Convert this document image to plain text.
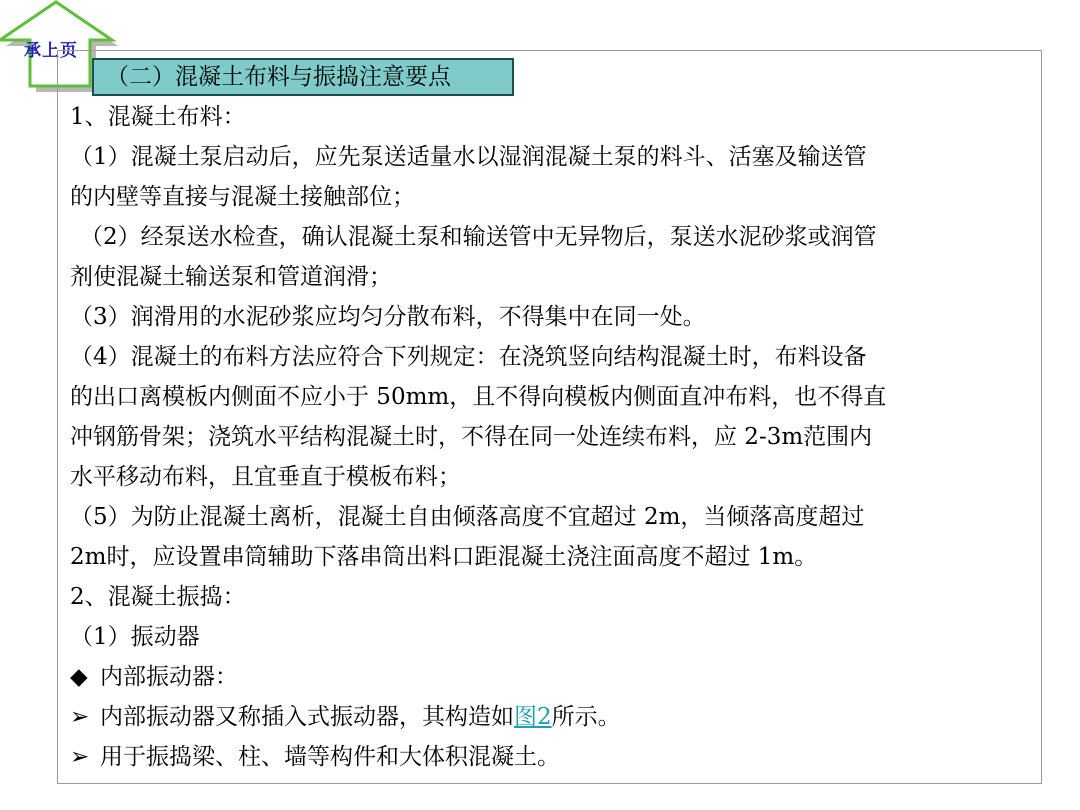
承上页
（二）混凝土布料与振捣注意要点
1、混凝土布料：
（1）混凝土泵启动后，应先泵送适量水以湿润混凝土泵的料斗、活塞及输送管
的内壁等直接与混凝土接触部位；
（2）经泵送水检查，确认混凝土泵和输送管中无异物后，泵送水泥砂浆或润管
剂使混凝土输送泵和管道润滑；
（3）润滑用的水泥砂浆应均匀分散布料，不得集中在同一处。
（4）混凝土的布料方法应符合下列规定：在浇筑竖向结构混凝土时，布料设备
的出口离模板内侧面不应小于 50mm，且不得向模板内侧面直冲布料，也不得直
冲钢筋骨架；浇筑水平结构混凝土时，不得在同一处连续布料，应 2-3m范围内
水平移动布料，且宜垂直于模板布料；
（5）为防止混凝土离析，混凝土自由倾落高度不宜超过 2m，当倾落高度超过
2m时，应设置串筒辅助下落串筒出料口距混凝土浇注面高度不超过 1m。
2、混凝土振捣：
（1）振动器
◆ 内部振动器：
➢ 内部振动器又称插入式振动器，其构造如图2所示。
➢ 用于振捣梁、柱、墙等构件和大体积混凝土。
